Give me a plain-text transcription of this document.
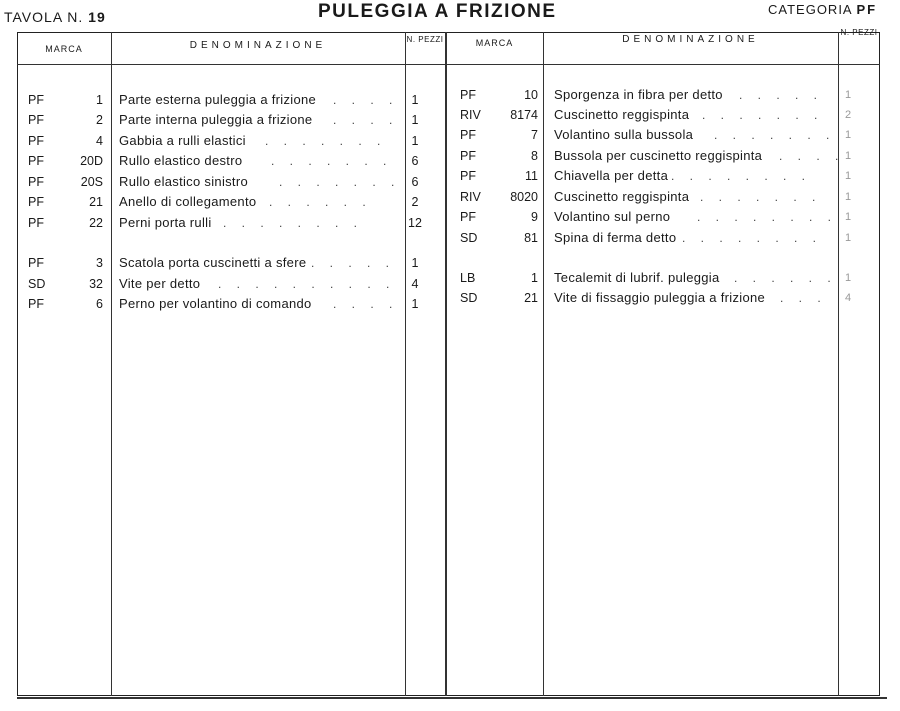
TAVOLA N. 19	PULEGGIA A FRIZIONE	CATEGORIA PF
MARCA	DENOMINAZIONE
N. PEZZI	MARCA	DENOMINAZIONE
N. PEZZI
PF	1 Parte esterna puleggia a frizione . . . .	1
PF	2 Parte interna puleggia a frizione . . . .	1
PF	4 Gabbia a rulli elastici . . . . . . .	1
PF	20D Rullo elastico destro . . . . . . .	6
PF	20S Rullo elastico sinistro	. . . . . . . 6
PF	21 Anello di collegamento . . . . . .	2
PF	22 Perni porta rulli . . . . . . . .	12
PF	3 Scatola porta cuscinetti a sfere . . . . .	1
SD	32 Vite per detto . . . . . . . . . .	4
PF	6 Perno per volantino di comando . . . .	1
PF	10 Sporgenza in fibra per detto . . . . .	1
RIV	8174 Cuscinetto reggispinta . . . . . . .	2
PF	7 Volantino sulla bussola . . . . . . . 1
PF	8 Bussola per cuscinetto reggispinta . . . . 1
PF	11 Chiavella per detta . . . . . . . .	1
RIV	8020 Cuscinetto reggispinta . . . . . . .	1
PF	9 Volantino sul perno . . . . . . . . 1
SD	81 Spina di ferma detto . . . . . . . .	1
LB	1 Tecalemit di lubrif. puleggia . . . . . . 1
SD	21 Vite di fissaggio puleggia a frizione . . .	4
